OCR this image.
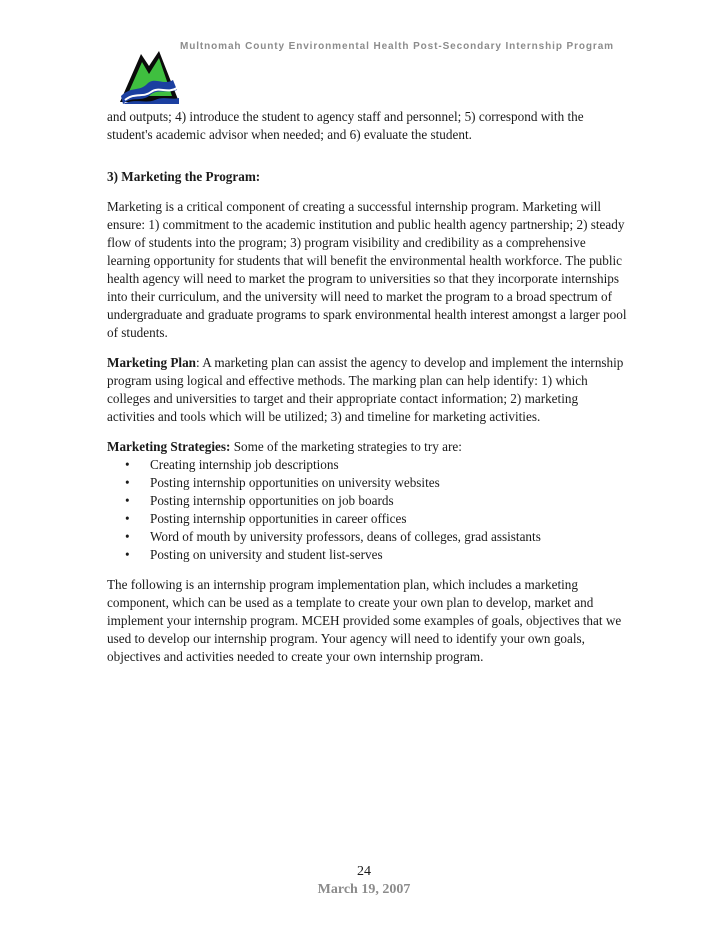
Multnomah County Environmental Health Post-Secondary Internship Program

and outputs; 4) introduce the student to agency staff and personnel; 5) correspond with the student's academic advisor when needed; and 6) evaluate the student.

3) Marketing the Program:

Marketing is a critical component of creating a successful internship program. Marketing will ensure: 1) commitment to the academic institution and public health agency partnership; 2) steady flow of students into the program; 3) program visibility and credibility as a comprehensive learning opportunity for students that will benefit the environmental health workforce. The public health agency will need to market the program to universities so that they incorporate internships into their curriculum, and the university will need to market the program to a broad spectrum of undergraduate and graduate programs to spark environmental health interest amongst a larger pool of students.

Marketing Plan: A marketing plan can assist the agency to develop and implement the internship program using logical and effective methods. The marking plan can help identify: 1) which colleges and universities to target and their appropriate contact information; 2) marketing activities and tools which will be utilized; 3) and timeline for marketing activities.

Marketing Strategies: Some of the marketing strategies to try are:

• Creating internship job descriptions
• Posting internship opportunities on university websites
• Posting internship opportunities on job boards
• Posting internship opportunities in career offices
• Word of mouth by university professors, deans of colleges, grad assistants
• Posting on university and student list-serves

The following is an internship program implementation plan, which includes a marketing component, which can be used as a template to create your own plan to develop, market and implement your internship program. MCEH provided some examples of goals, objectives that we used to develop our internship program. Your agency will need to identify your own goals, objectives and activities needed to create your own internship program.

24
March 19, 2007
